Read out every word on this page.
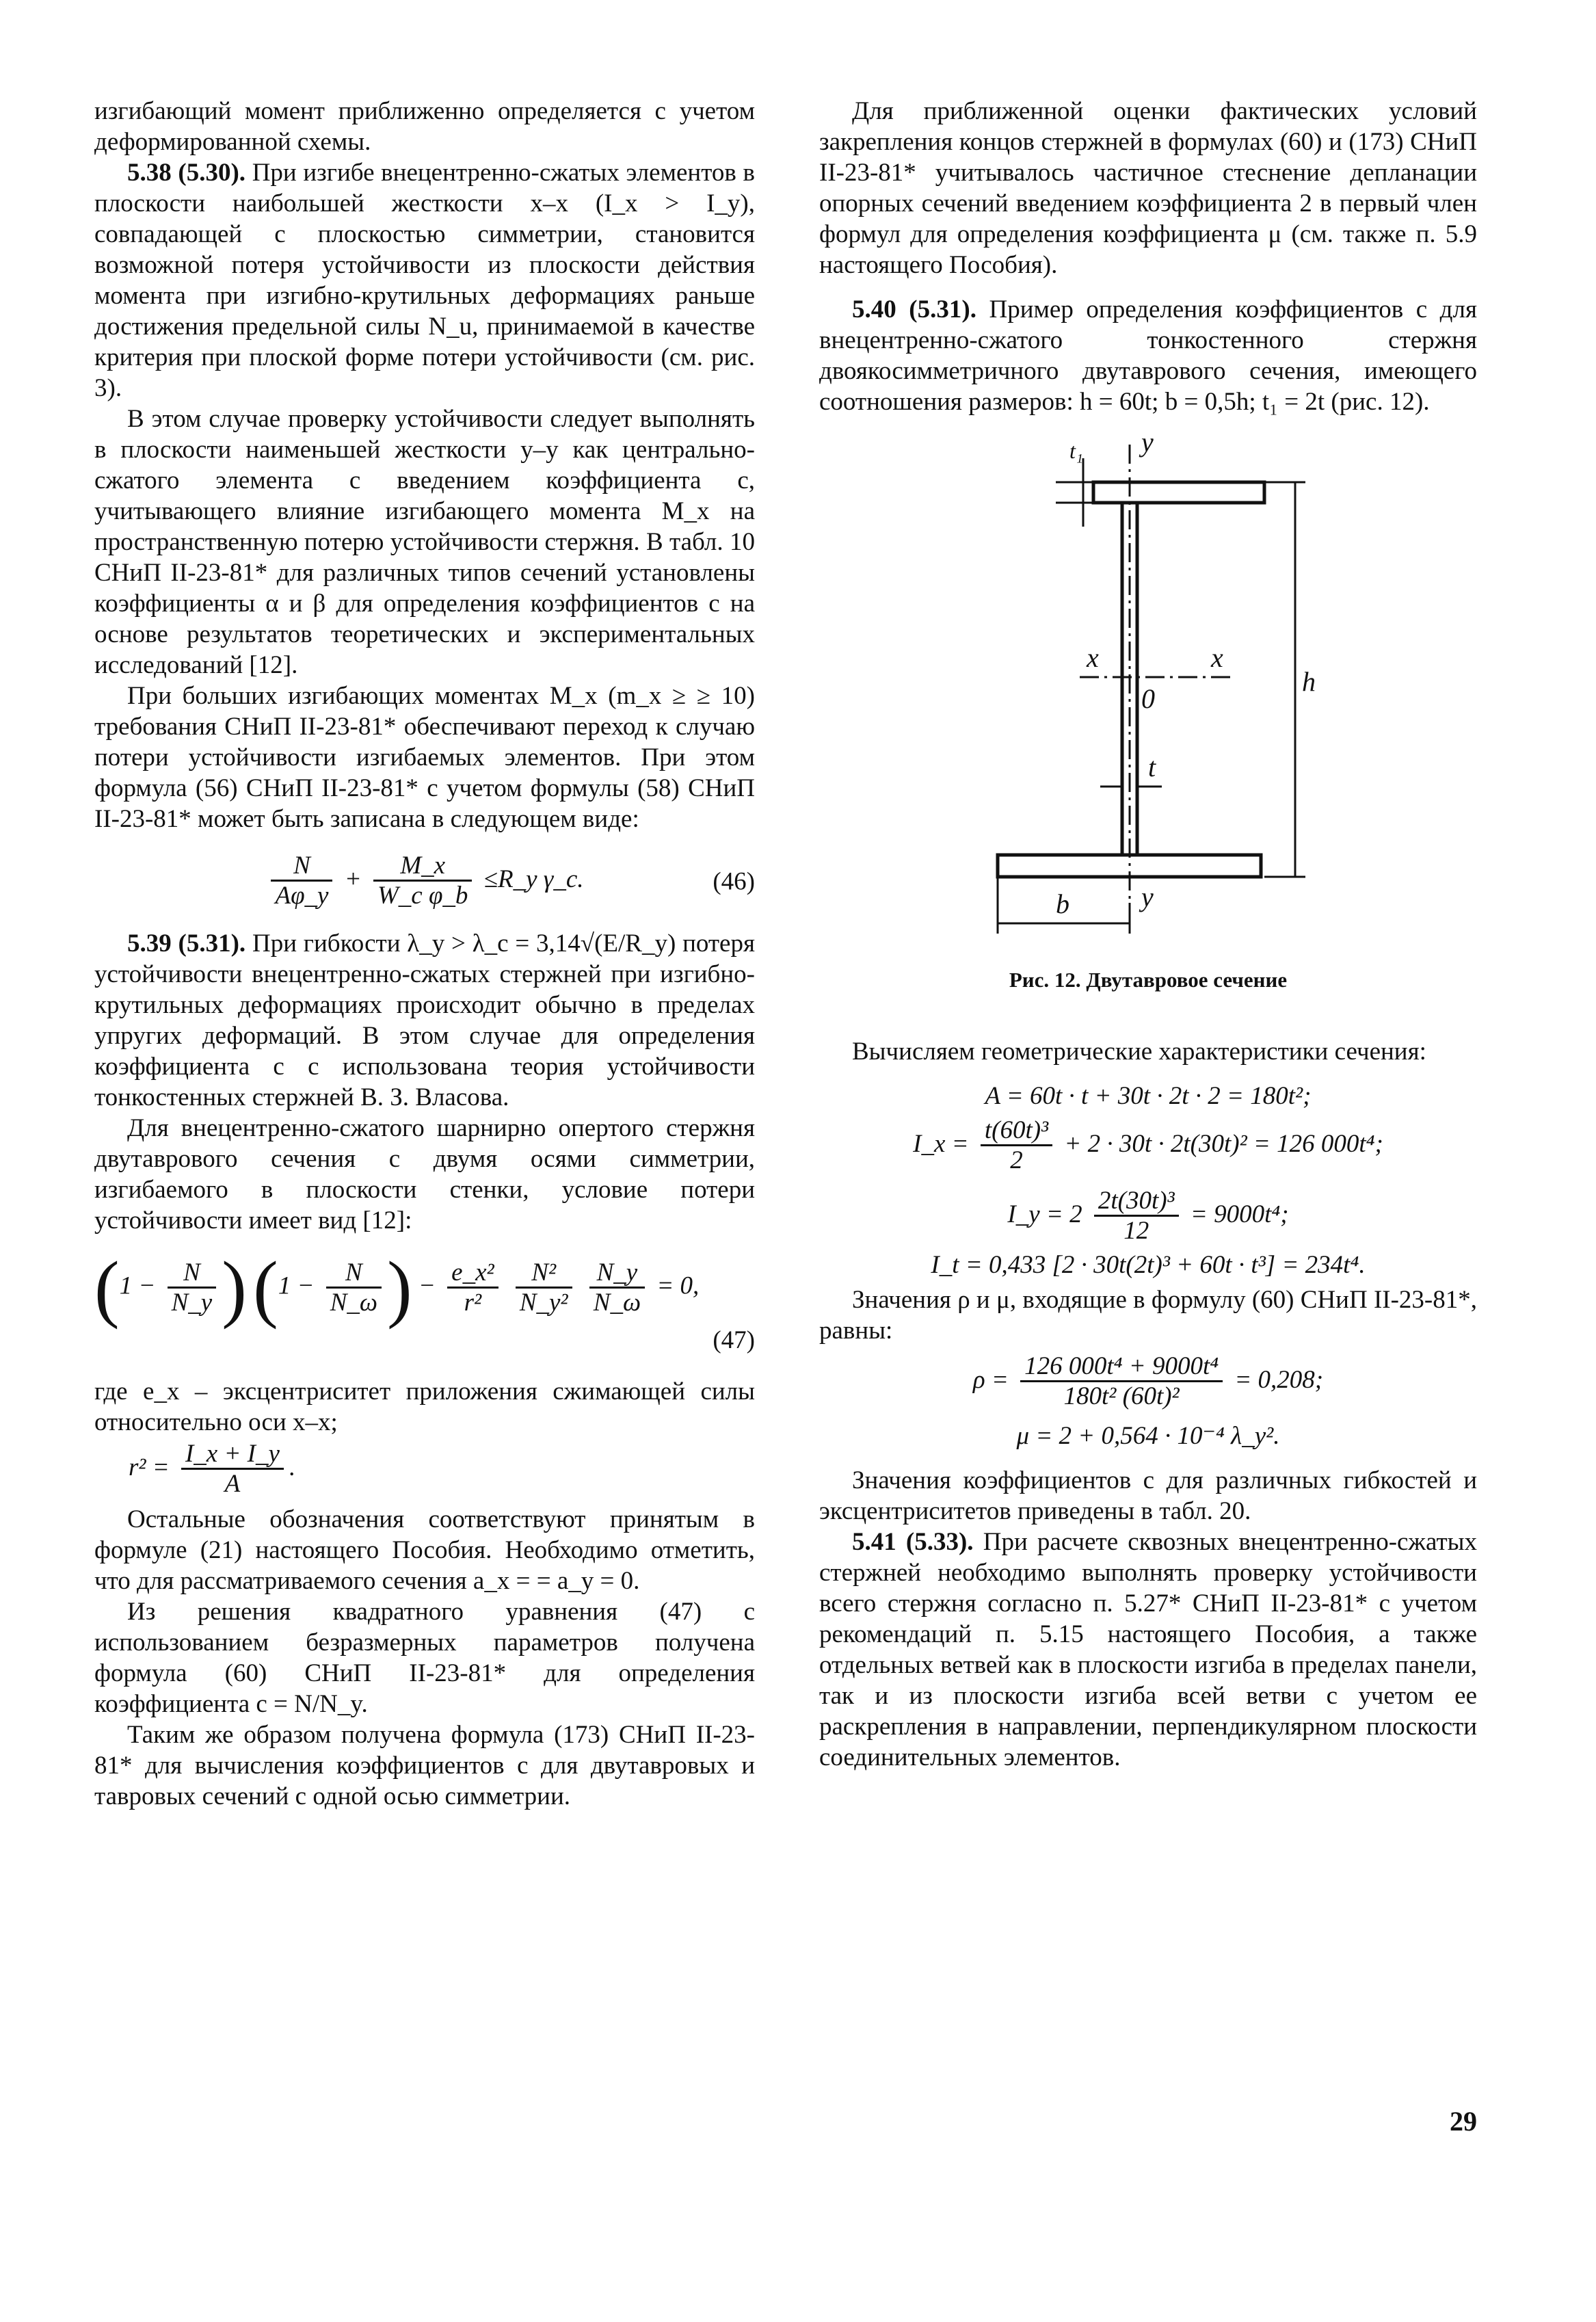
изгибающий момент приближенно определяется с учетом деформированной схемы.

5.38 (5.30). При изгибе внецентренно-сжатых элементов в плоскости наибольшей жесткости x–x (I_x > I_y), совпадающей с плоскостью симметрии, становится возможной потеря устойчивости из плоскости действия момента при изгибно-крутильных деформациях раньше достижения предельной силы N_u, принимаемой в качестве критерия при плоской форме потери устойчивости (см. рис. 3).

В этом случае проверку устойчивости следует выполнять в плоскости наименьшей жесткости y–y как центрально-сжатого элемента с введением коэффициента c, учитывающего влияние изгибающего момента M_x на пространственную потерю устойчивости стержня. В табл. 10 СНиП II-23-81* для различных типов сечений установлены коэффициенты α и β для определения коэффициентов c на основе результатов теоретических и экспериментальных исследований [12].

При больших изгибающих моментах M_x (m_x ≥ ≥ 10) требования СНиП II-23-81* обеспечивают переход к случаю потери устойчивости изгибаемых элементов. При этом формула (56) СНиП II-23-81* с учетом формулы (58) СНиП II-23-81* может быть записана в следующем виде:

$\frac{N}{A\varphi\_y} + \frac{M\_x}{\text{W\_c φ\_b}}$ ≤R_y γ_c.	(46)

5.39 (5.31). При гибкости λ_y > λ_c = 3,14√(E/R_y) потеря устойчивости внецентренно-сжатых стержней при изгибно-крутильных деформациях происходит обычно в пределах упругих деформаций. В этом случае для определения коэффициента c с использована теория устойчивости тонкостенных стержней В. З. Власова.

Для внецентренно-сжатого шарнирно опертого стержня двутаврового сечения с двумя осями симметрии, изгибаемого в плоскости стенки, условие потери устойчивости имеет вид [12]:

($1 - \frac{N}{N\_y}$ ) ($1 - \frac{N}{N\_\omega}$ ) − $\frac{\text{e\_x²}}{\text{r²}}$
$\frac{\text{N²}}{\text{N\_y²}}$
$\frac{N\_y}{N\_\omega} = 0$,
(47)

где e_x – эксцентриситет приложения сжимающей силы относительно оси x–x;

$r^2 = \frac{I\_x + I\_y}{A}$ .

Остальные обозначения соответствуют принятым в формуле (21) настоящего Пособия. Необходимо отметить, что для рассматриваемого сечения a_x = = a_y = 0.

Из решения квадратного уравнения (47) с использованием безразмерных параметров получена формула (60) СНиП II-23-81* для определения коэффициента c = N/N_y.

Таким же образом получена формула (173) СНиП II-23-81* для вычисления коэффициентов c для двутавровых и тавровых сечений с одной осью симметрии.

Для приближенной оценки фактических условий закрепления концов стержней в формулах (60) и (173) СНиП II-23-81* учитывалось частичное стеснение депланации опорных сечений введением коэффициента 2 в первый член формул для определения коэффициента μ (см. также п. 5.9 настоящего Пособия).

5.40 (5.31). Пример определения коэффициентов c для внецентренно-сжатого тонкостенного стержня двоякосимметричного двутаврового сечения, имеющего соотношения размеров: h = 60t; b = 0,5h; t₁ = 2t (рис. 12).

t₁ y
x	x
0
h
t
b	y

Рис. 12. Двутавровое сечение

Вычисляем геометрические характеристики сечения:

A = 60t · t + 30t · 2t · 2 = 180t²;
I_x = $\frac{\text{t(60t)³}}{2} + 2 \cdot 30t \cdot 2t(30t)^2 = 126$ 000t⁴;
I_y = $2 \frac{\text{2t(30t)³}}{12} = 9000t^4$;
I_t = 0,433 [2 · 30t(2t)³ + 60t · t³] = 234t⁴.

Значения ρ и μ, входящие в формулу (60) СНиП II-23-81*, равны:

$\rho = \frac{\text{126 000t⁴ + 9000t⁴}}{\text{180t² (60t)²}} = 0,208$;
μ = 2 + 0,564 · 10⁻⁴ λ_y².

Значения коэффициентов c для различных гибкостей и эксцентриситетов приведены в табл. 20.

5.41 (5.33). При расчете сквозных внецентренно-сжатых стержней необходимо выполнять проверку устойчивости всего стержня согласно п. 5.27* СНиП II-23-81* с учетом рекомендаций п. 5.15 настоящего Пособия, а также отдельных ветвей как в плоскости изгиба в пределах панели, так и из плоскости изгиба всей ветви с учетом ее раскрепления в направлении, перпендикулярном плоскости соединительных элементов.

29
